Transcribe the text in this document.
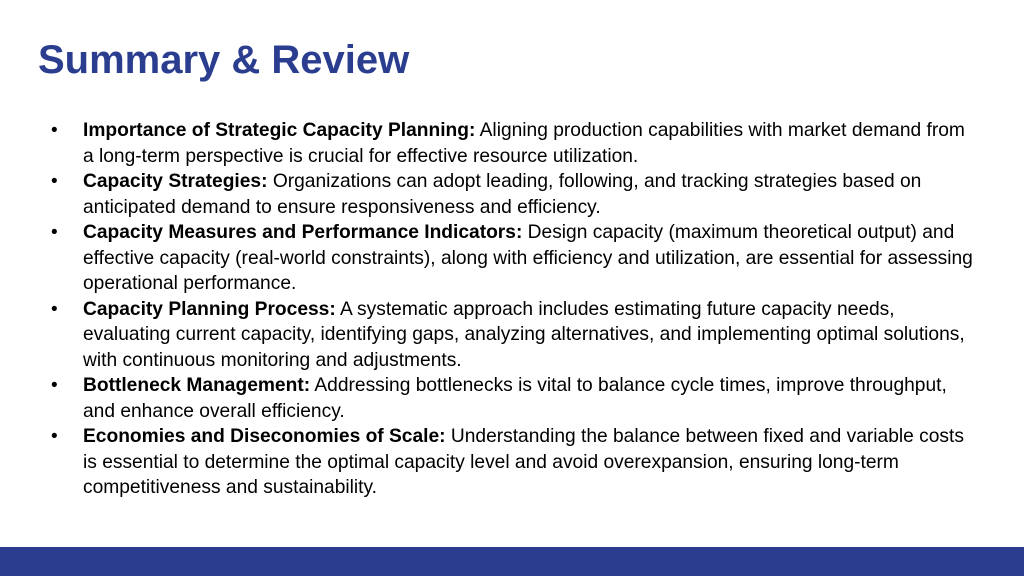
Summary & Review
• Importance of Strategic Capacity Planning: Aligning production capabilities with market demand from a long-term perspective is crucial for effective resource utilization.
• Capacity Strategies: Organizations can adopt leading, following, and tracking strategies based on anticipated demand to ensure responsiveness and efficiency.
• Capacity Measures and Performance Indicators: Design capacity (maximum theoretical output) and effective capacity (real-world constraints), along with efficiency and utilization, are essential for assessing operational performance.
• Capacity Planning Process: A systematic approach includes estimating future capacity needs, evaluating current capacity, identifying gaps, analyzing alternatives, and implementing optimal solutions, with continuous monitoring and adjustments.
• Bottleneck Management: Addressing bottlenecks is vital to balance cycle times, improve throughput, and enhance overall efficiency.
• Economies and Diseconomies of Scale: Understanding the balance between fixed and variable costs is essential to determine the optimal capacity level and avoid overexpansion, ensuring long-term competitiveness and sustainability.
